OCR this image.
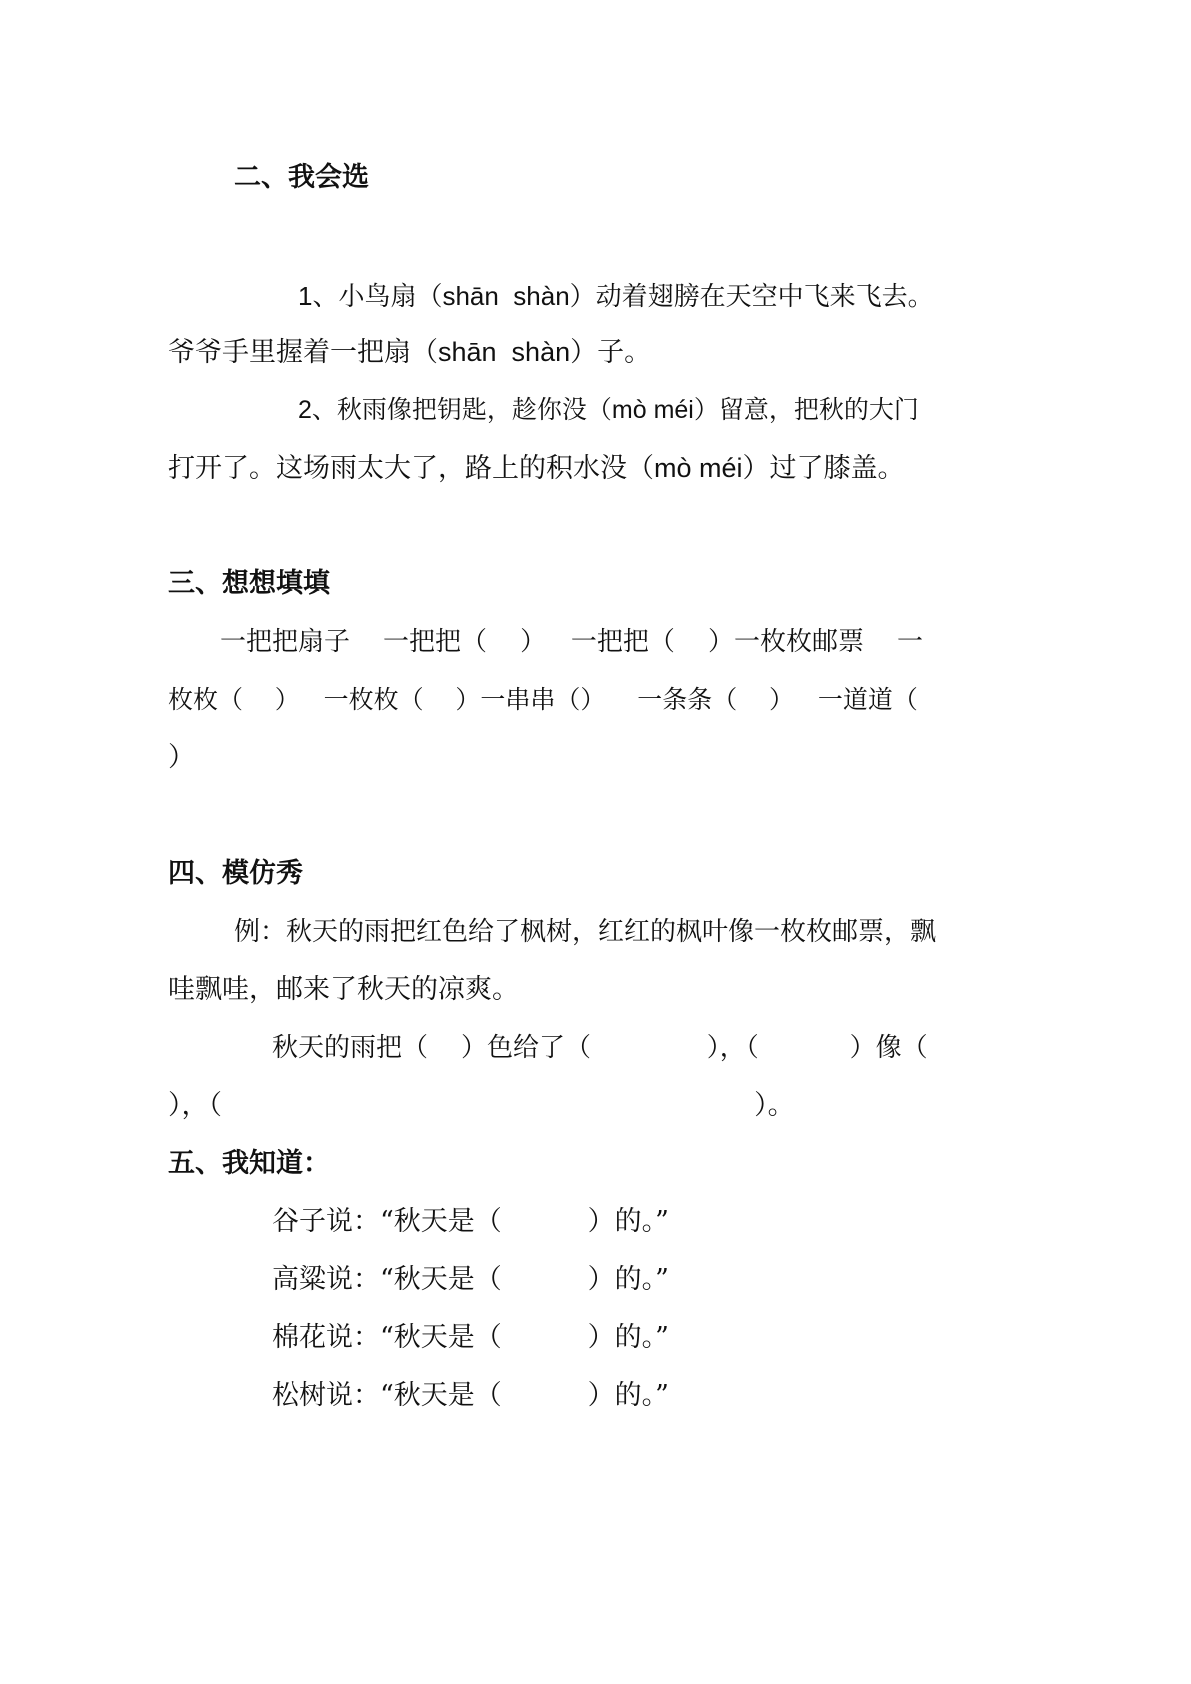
二、我会选
1、小鸟扇（shān  shàn）动着翅膀在天空中飞来飞去。
爷爷手里握着一把扇（shān  shàn）子。
2、秋雨像把钥匙，趁你没（mò méi）留意，把秋的大门
打开了。这场雨太大了，路上的积水没（mò méi）过了膝盖。
三、想想填填
一把把扇子    一把把（    ）   一把把（    ）一枚枚邮票    一
枚枚（    ）   一枚枚（    ）一串串（）    一条条（    ）   一道道（
）
四、模仿秀
例：秋天的雨把红色给了枫树，红红的枫叶像一枚枚邮票，飘
哇飘哇，邮来了秋天的凉爽。
秋天的雨把（    ）色给了（              ），（           ）像（
），（                                                              ）。
五、我知道：
谷子说：“秋天是（          ）的。”
高粱说：“秋天是（          ）的。”
棉花说：“秋天是（          ）的。”
松树说：“秋天是（          ）的。”
